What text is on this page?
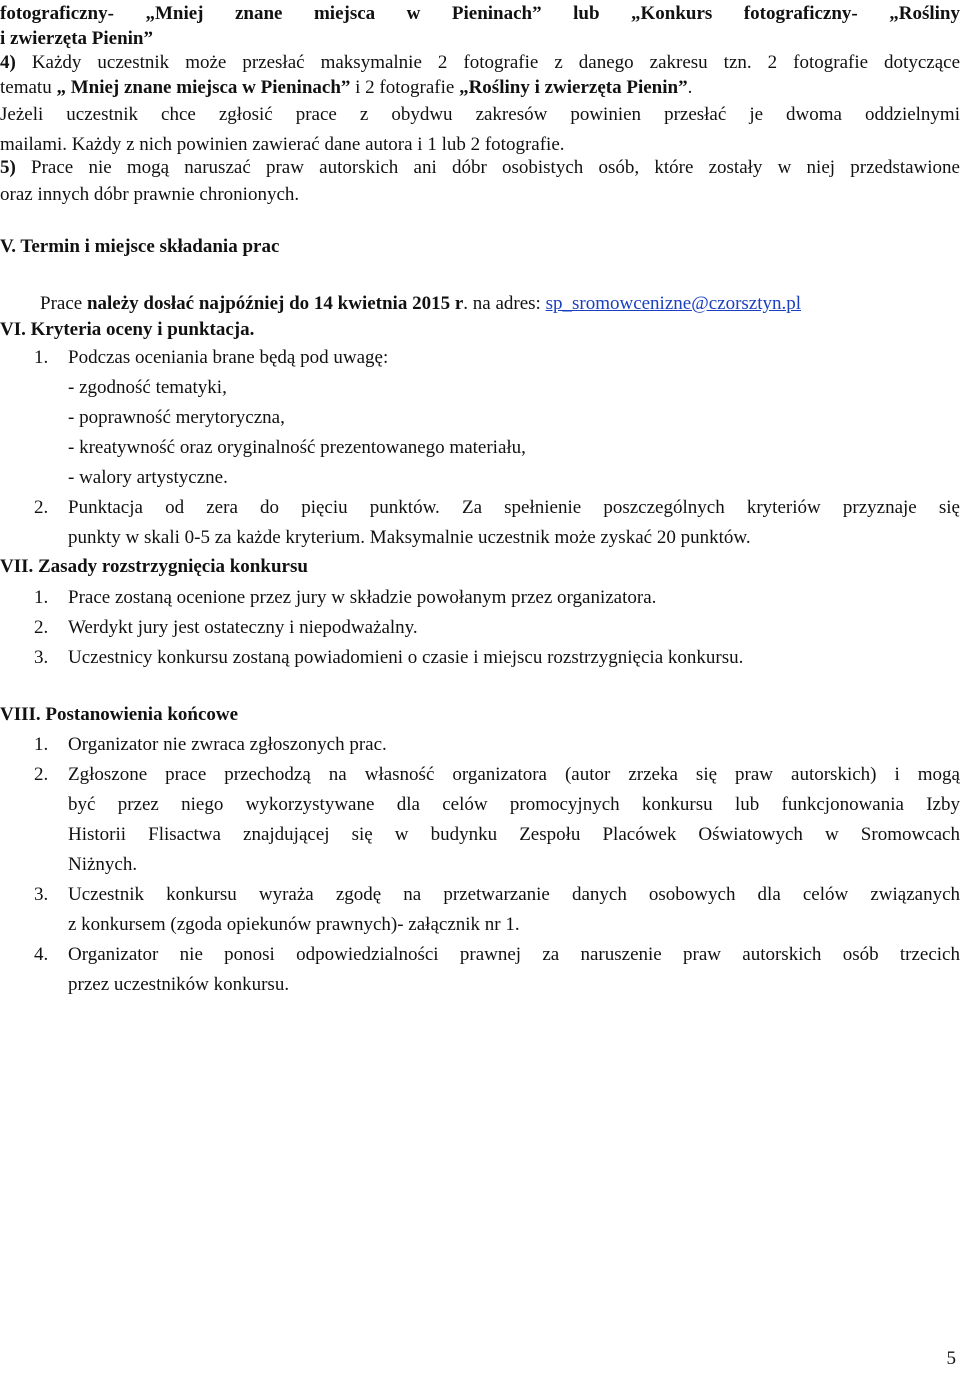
fotograficzny- „Mniej znane miejsca w Pieninach” lub „Konkurs fotograficzny- „Rośliny
i zwierzęta Pienin”
4) Każdy uczestnik może przesłać maksymalnie 2 fotografie z danego zakresu tzn. 2 fotografie dotyczące
tematu „ Mniej znane miejsca w Pieninach” i 2 fotografie „Rośliny i zwierzęta Pienin”.
Jeżeli uczestnik chce zgłosić prace z obydwu zakresów powinien przesłać je dwoma oddzielnymi
mailami. Każdy z nich powinien zawierać dane autora i 1 lub 2 fotografie.
5) Prace nie mogą naruszać praw autorskich ani dóbr osobistych osób, które zostały w niej przedstawione
oraz innych dóbr prawnie chronionych.
V. Termin i miejsce składania prac
Prace należy dosłać najpóźniej do 14 kwietnia 2015 r. na adres: sp_sromowcenizne@czorsztyn.pl
VI. Kryteria oceny i punktacja.
1. Podczas oceniania brane będą pod uwagę:
- zgodność tematyki,
- poprawność merytoryczna,
- kreatywność oraz oryginalność prezentowanego materiału,
- walory artystyczne.
2. Punktacja od zera do pięciu punktów. Za spełnienie poszczególnych kryteriów przyznaje się
punkty w skali 0-5 za każde kryterium. Maksymalnie uczestnik może zyskać 20 punktów.
VII. Zasady rozstrzygnięcia konkursu
1. Prace zostaną ocenione przez jury w składzie powołanym przez organizatora.
2. Werdykt jury jest ostateczny i niepodważalny.
3. Uczestnicy konkursu zostaną powiadomieni o czasie i miejscu rozstrzygnięcia konkursu.
VIII. Postanowienia końcowe
1. Organizator nie zwraca zgłoszonych prac.
2. Zgłoszone prace przechodzą na własność organizatora (autor zrzeka się praw autorskich) i mogą
być przez niego wykorzystywane dla celów promocyjnych konkursu lub funkcjonowania Izby
Historii Flisactwa znajdującej się w budynku Zespołu Placówek Oświatowych w Sromowcach
Niżnych.
3. Uczestnik konkursu wyraża zgodę na przetwarzanie danych osobowych dla celów związanych
z konkursem (zgoda opiekunów prawnych)- załącznik nr 1.
4. Organizator nie ponosi odpowiedzialności prawnej za naruszenie praw autorskich osób trzecich
przez uczestników konkursu.
5
